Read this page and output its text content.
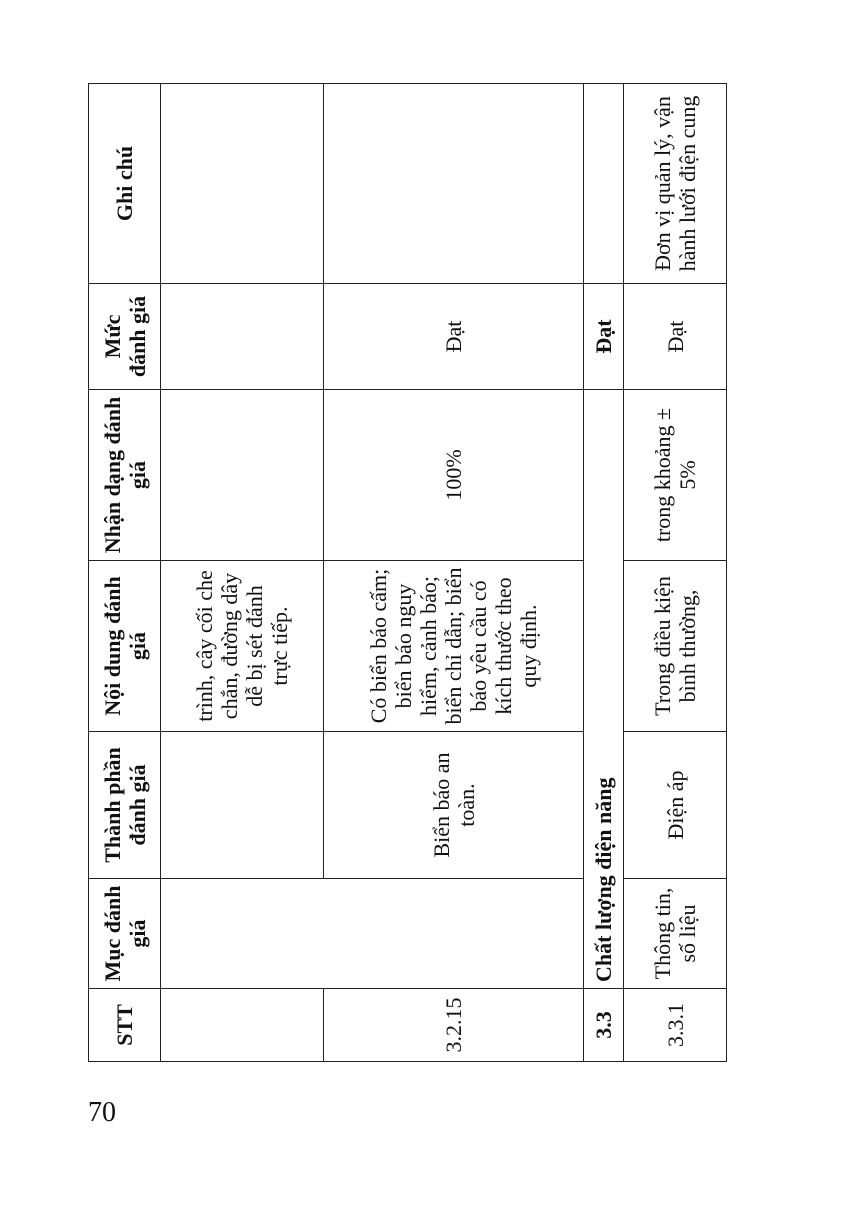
STT	Mục đánh giá	Thành phần đánh giá	Nội dung đánh giá	Nhận dạng đánh giá	Mức đánh giá	Ghi chú
			trình, cây cối che chắn, đường dây dễ bị sét đánh trực tiếp.			
3.2.15		Biển báo an toàn.	Có biển báo cấm; biển báo nguy hiểm, cảnh báo; biển chỉ dẫn; biển báo yêu cầu có kích thước theo quy định.	100%	Đạt	
3.3	Chất lượng điện năng				Đạt	
3.3.1	Thông tin, số liệu	Điện áp	Trong điều kiện bình thường,	trong khoảng ± 5%	Đạt	Đơn vị quản lý, vận hành lưới điện cung
70
